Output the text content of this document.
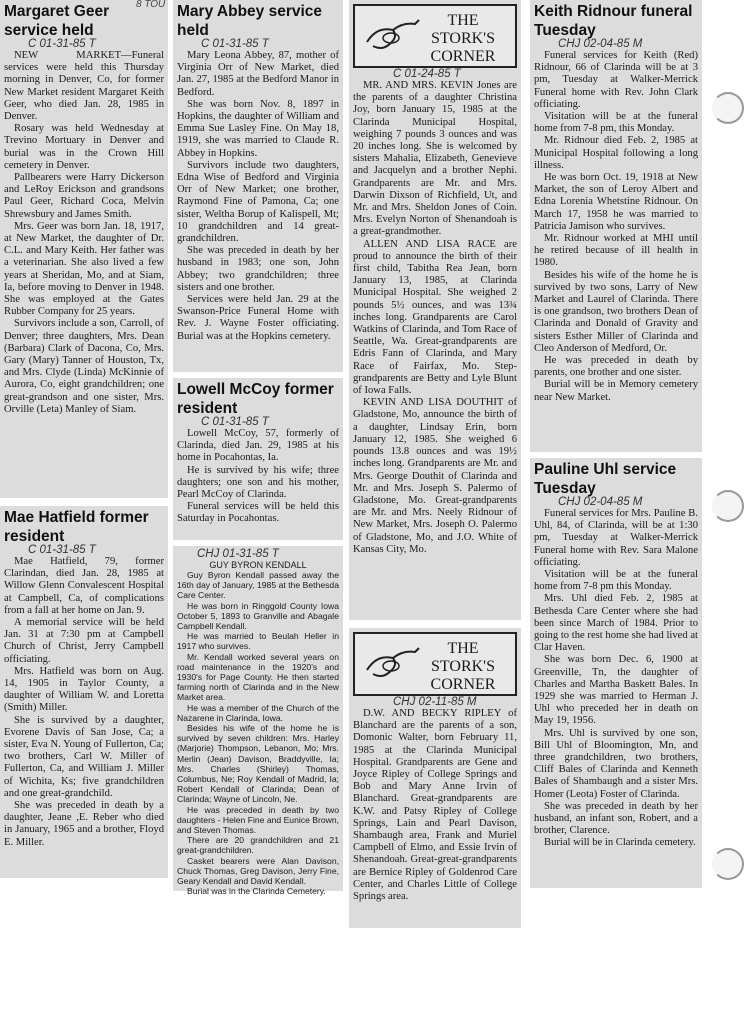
8 TOU
Margaret Geer service held
C 01-31-85 T

NEW MARKET—Funeral services were held this Thursday morning in Denver, Co, for former New Market resident Margaret Keith Geer, who died Jan. 28, 1985 in Denver.

Rosary was held Wednesday at Trevino Mortuary in Denver and burial was in the Crown Hill cemetery in Denver.

Pallbearers were Harry Dickerson and LeRoy Erickson and grandsons Paul Geer, Richard Coca, Melvin Shrewsbury and James Smith.

Mrs. Geer was born Jan. 18, 1917, at New Market, the daughter of Dr. C.L. and Mary Keith. Her father was a veterinarian. She also lived a few years at Sheridan, Mo, and at Siam, Ia, before moving to Denver in 1948. She was employed at the Gates Rubber Company for 25 years.

Survivors include a son, Carroll, of Denver; three daughters, Mrs. Dean (Barbara) Clark of Dacona, Co, Mrs. Gary (Mary) Tanner of Houston, Tx, and Mrs. Clyde (Linda) McKinnie of Aurora, Co, eight grandchildren; one great-grandson and one sister, Mrs. Orville (Leta) Manley of Siam.

Mae Hatfield former resident
C 01-31-85 T

Mae Hatfield, 79, former Clarindan, died Jan. 28, 1985 at Willow Glenn Convalescent Hospital at Campbell, Ca, of complications from a fall at her home on Jan. 9.

A memorial service will be held Jan. 31 at 7:30 pm at Campbell Church of Christ, Jerry Campbell officiating.

Mrs. Hatfield was born on Aug. 14, 1905 in Taylor County, a daughter of William W. and Loretta (Smith) Miller.

She is survived by a daughter, Evorene Davis of San Jose, Ca; a sister, Eva N. Young of Fullerton, Ca; two brothers, Carl W. Miller of Fullerton, Ca, and William J. Miller of Wichita, Ks; five grandchildren and one great-grandchild.

She was preceded in death by a daughter, Jeane ,E. Reber who died in January, 1965 and a brother, Floyd E. Miller.

Mary Abbey service held
C 01-31-85 T

Mary Leona Abbey, 87, mother of Virginia Orr of New Market, died Jan. 27, 1985 at the Bedford Manor in Bedford.

She was born Nov. 8, 1897 in Hopkins, the daughter of William and Emma Sue Lasley Fine. On May 18, 1919, she was married to Claude R. Abbey in Hopkins.

Survivors include two daughters, Edna Wise of Bedford and Virginia Orr of New Market; one brother, Raymond Fine of Pamona, Ca; one sister, Weltha Borup of Kalispell, Mt; 10 grandchildren and 14 great-grandchildren.

She was preceded in death by her husband in 1983; one son, John Abbey; two grandchildren; three sisters and one brother.

Services were held Jan. 29 at the Swanson-Price Funeral Home with Rev. J. Wayne Foster officiating. Burial was at the Hopkins cemetery.

Lowell McCoy former resident
C 01-31-85 T

Lowell McCoy, 57, formerly of Clarinda, died Jan. 29, 1985 at his home in Pocahontas, Ia.

He is survived by his wife; three daughters; one son and his mother, Pearl McCoy of Clarinda.

Funeral services will be held this Saturday in Pocahontas.

CHJ 01-31-85 T
GUY BYRON KENDALL

Guy Byron Kendall passed away the 16th day of January, 1985 at the Bethesda Care Center.

He was born in Ringgold County Iowa October 5, 1893 to Granville and Abagale Campbell Kendall.

He was married to Beulah Heller in 1917 who survives.

Mr. Kendall worked several years on road maintenance in the 1920's and 1930's for Page County. He then started farming north of Clarinda and in the New Market area.

He was a member of the Church of the Nazarene in Clarinda, Iowa.

Besides his wife of the home he is survived by seven children: Mrs. Harley (Marjorie) Thompson, Lebanon, Mo; Mrs. Merlin (Jean) Davison, Braddyville, Ia; Mrs. Charles (Shirley) Thomas, Columbus, Ne; Roy Kendall of Madrid, Ia; Robert Kendall of Clarinda; Dean of Clarinda; Wayne of Lincoln, Ne.

He was preceded in death by two daughters - Helen Fine and Eunice Brown, and Steven Thomas.

There are 20 grandchildren and 21 great-grandchildren.

Casket bearers were Alan Davison, Chuck Thomas, Greg Davison, Jerry Fine, Geary Kendall and David Kendall.

Burial was in the Clarinda Cemetery.

THE STORK'S CORNER
C 01-24-85 T

MR. AND MRS. KEVIN Jones are the parents of a daughter Christina Joy, born January 15, 1985 at the Clarinda Municipal Hospital, weighing 7 pounds 3 ounces and was 20 inches long. She is welcomed by sisters Mahalia, Elizabeth, Genevieve and Jacquelyn and a brother Nephi. Grandparents are Mr. and Mrs. Darwin Dixson of Richfield, Ut, and Mr. and Mrs. Sheldon Jones of Coin. Mrs. Evelyn Norton of Shenandoah is a great-grandmother.

ALLEN AND LISA RACE are proud to announce the birth of their first child, Tabitha Rea Jean, born January 13, 1985, at Clarinda Municipal Hospital. She weighed 2 pounds 5½ ounces, and was 13¾ inches long. Grandparents are Carol Watkins of Clarinda, and Tom Race of Seattle, Wa. Great-grandparents are Edris Fann of Clarinda, and Mary Race of Fairfax, Mo. Step-grandparents are Betty and Lyle Blunt of Iowa Falls.

KEVIN AND LISA DOUTHIT of Gladstone, Mo, announce the birth of a daughter, Lindsay Erin, born January 12, 1985. She weighed 6 pounds 13.8 ounces and was 19½ inches long. Grandparents are Mr. and Mrs. George Douthit of Clarinda and Mr. and Mrs. Joseph S. Palermo of Gladstone, Mo. Great-grandparents are Mr. and Mrs. Neely Ridnour of New Market, Mrs. Joseph O. Palermo of Gladstone, Mo, and J.O. White of Kansas City, Mo.

THE STORK'S CORNER
CHJ 02-11-85 M

D.W. AND BECKY RIPLEY of Blanchard are the parents of a son, Domonic Walter, born February 11, 1985 at the Clarinda Municipal Hospital. Grandparents are Gene and Joyce Ripley of College Springs and Bob and Mary Anne Irvin of Blanchard. Great-grandparents are K.W. and Patsy Ripley of College Springs, Lain and Pearl Davison, Shambaugh area, Frank and Muriel Campbell of Elmo, and Essie Irvin of Shenandoah. Great-great-grandparents are Bernice Ripley of Goldenrod Care Center, and Charles Little of College Springs area.

Keith Ridnour funeral Tuesday
CHJ 02-04-85 M

Funeral services for Keith (Red) Ridnour, 66 of Clarinda will be at 3 pm, Tuesday at Walker-Merrick Funeral home with Rev. John Clark officiating.

Visitation will be at the funeral home from 7-8 pm, this Monday.

Mr. Ridnour died Feb. 2, 1985 at Municipal Hospital following a long illness.

He was born Oct. 19, 1918 at New Market, the son of Leroy Albert and Edna Lorenia Whetstine Ridnour. On March 17, 1958 he was married to Patricia Jamison who survives.

Mr. Ridnour worked at MHI until he retired because of ill health in 1980.

Besides his wife of the home he is survived by two sons, Larry of New Market and Laurel of Clarinda. There is one grandson, two brothers Dean of Clarinda and Donald of Gravity and sisters Esther Miller of Clarinda and Cleo Anderson of Medford, Or.

He was preceded in death by parents, one brother and one sister.

Burial will be in Memory cemetery near New Market.

Pauline Uhl service Tuesday
CHJ 02-04-85 M

Funeral services for Mrs. Pauline B. Uhl, 84, of Clarinda, will be at 1:30 pm, Tuesday at Walker-Merrick Funeral home with Rev. Sara Malone officiating.

Visitation will be at the funeral home from 7-8 pm this Monday.

Mrs. Uhl died Feb. 2, 1985 at Bethesda Care Center where she had been since March of 1984. Prior to going to the rest home she had lived at Clar Haven.

She was born Dec. 6, 1900 at Greenville, Tn, the daughter of Charles and Martha Baskett Bales. In 1929 she was married to Herman J. Uhl who preceded her in death on May 19, 1956.

Mrs. Uhl is survived by one son, Bill Uhl of Bloomington, Mn, and three grandchildren, two brothers, Cliff Bales of Clarinda and Kenneth Bales of Shambaugh and a sister Mrs. Homer (Leota) Foster of Clarinda.

She was preceded in death by her husband, an infant son, Robert, and a brother, Clarence.

Burial will be in Clarinda cemetery.
